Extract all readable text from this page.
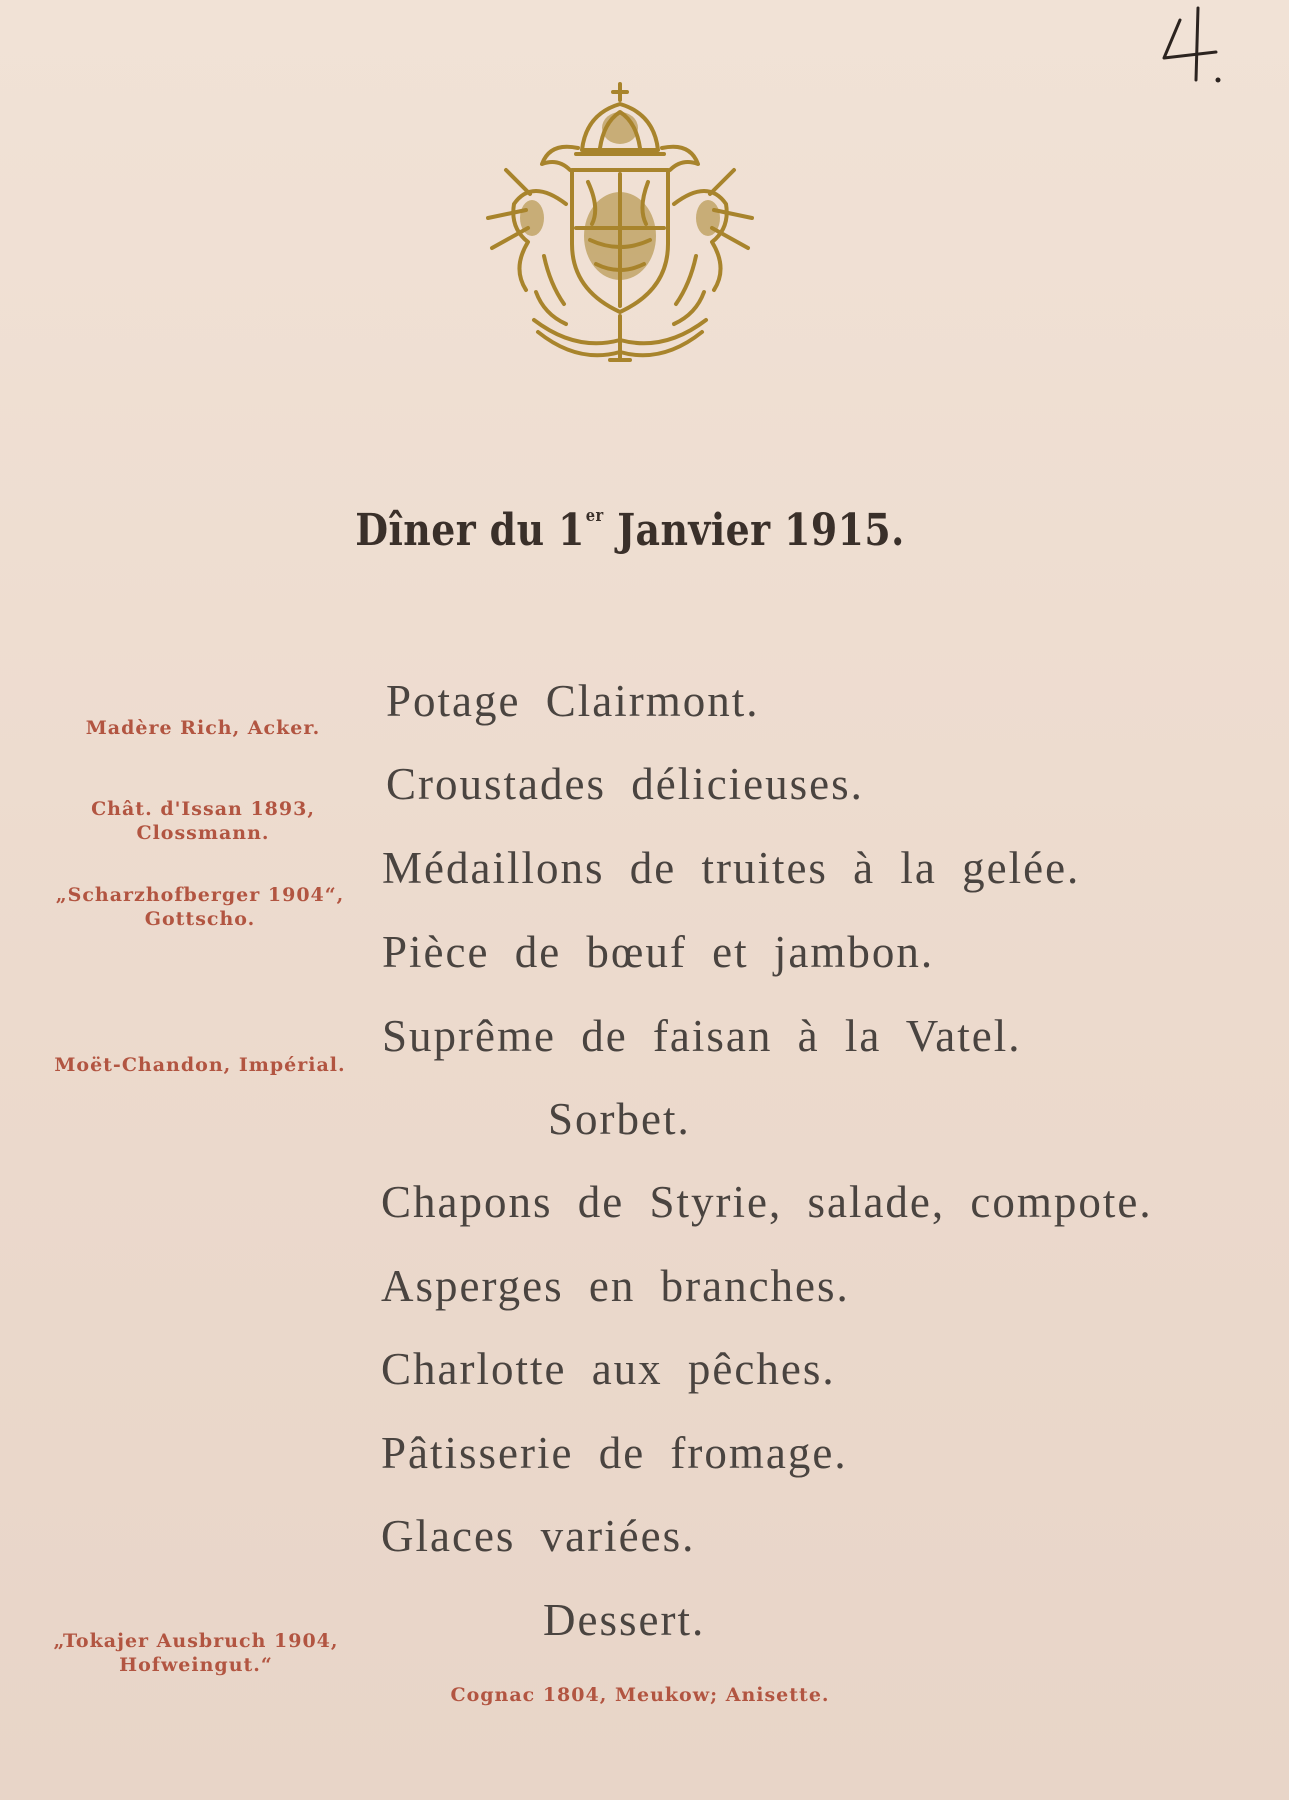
Dîner du 1er Janvier 1915.
Madère Rich, Acker.
Chât. d'Issan 1893,
Clossmann.
„Scharzhofberger 1904“,
Gottscho.
Moët-Chandon, Impérial.
„Tokajer Ausbruch 1904,
Hofweingut.“
Potage Clairmont.
Croustades délicieuses.
Médaillons de truites à la gelée.
Pièce de bœuf et jambon.
Suprême de faisan à la Vatel.
Sorbet.
Chapons de Styrie, salade, compote.
Asperges en branches.
Charlotte aux pêches.
Pâtisserie de fromage.
Glaces variées.
Dessert.
Cognac 1804, Meukow; Anisette.
